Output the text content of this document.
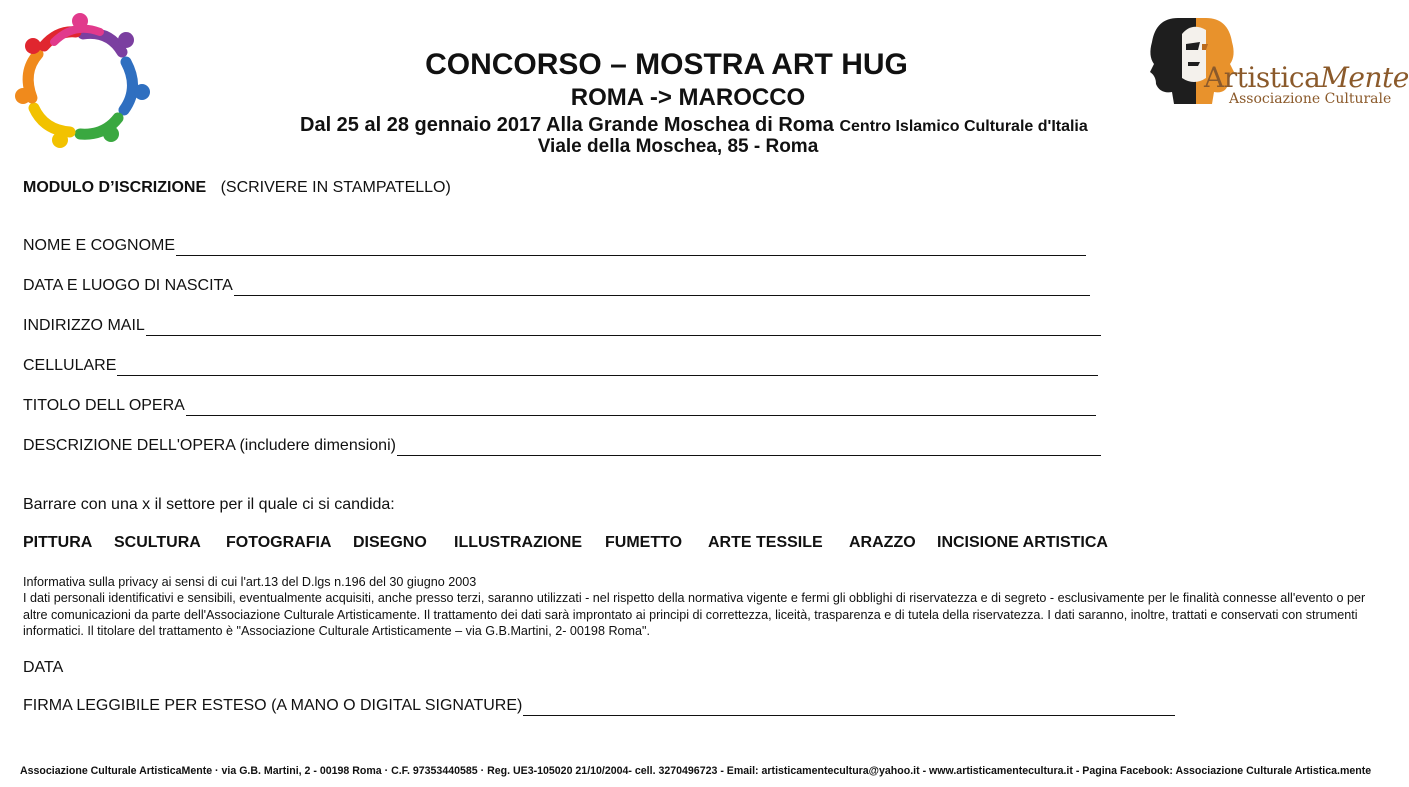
ArtisticaMente
Associazione Culturale
CONCORSO – MOSTRA ART HUG
ROMA -> MAROCCO
Dal 25 al 28 gennaio 2017 Alla Grande Moschea di Roma Centro Islamico Culturale d'Italia
Viale della Moschea, 85 - Roma
MODULO D’ISCRIZIONE (SCRIVERE IN STAMPATELLO)
NOME E COGNOME
DATA E LUOGO DI NASCITA
INDIRIZZO MAIL
CELLULARE
TITOLO DELL OPERA
DESCRIZIONE DELL'OPERA (includere dimensioni)
Barrare con una x il settore per il quale ci si candida:
PITTURA SCULTURA FOTOGRAFIA DISEGNO ILLUSTRAZIONE FUMETTO ARTE TESSILE ARAZZO INCISIONE ARTISTICA
Informativa sulla privacy ai sensi di cui l'art.13 del D.lgs n.196 del 30 giugno 2003
I dati personali identificativi e sensibili, eventualmente acquisiti, anche presso terzi, saranno utilizzati - nel rispetto della normativa vigente e fermi gli obblighi di riservatezza e di segreto - esclusivamente per le finalità connesse all'evento o per altre comunicazioni da parte dell'Associazione Culturale Artisticamente. Il trattamento dei dati sarà improntato ai principi di correttezza, liceità, trasparenza e di tutela della riservatezza. I dati saranno, inoltre, trattati e conservati con strumenti informatici. Il titolare del trattamento è "Associazione Culturale Artisticamente – via G.B.Martini, 2- 00198 Roma".
DATA
FIRMA LEGGIBILE PER ESTESO (A MANO O DIGITAL SIGNATURE)
Associazione Culturale ArtisticaMente · via G.B. Martini, 2 - 00198 Roma · C.F. 97353440585 · Reg. UE3-105020 21/10/2004- cell. 3270496723 - Email: artisticamentecultura@yahoo.it - www.artisticamentecultura.it - Pagina Facebook: Associazione Culturale Artistica.mente
